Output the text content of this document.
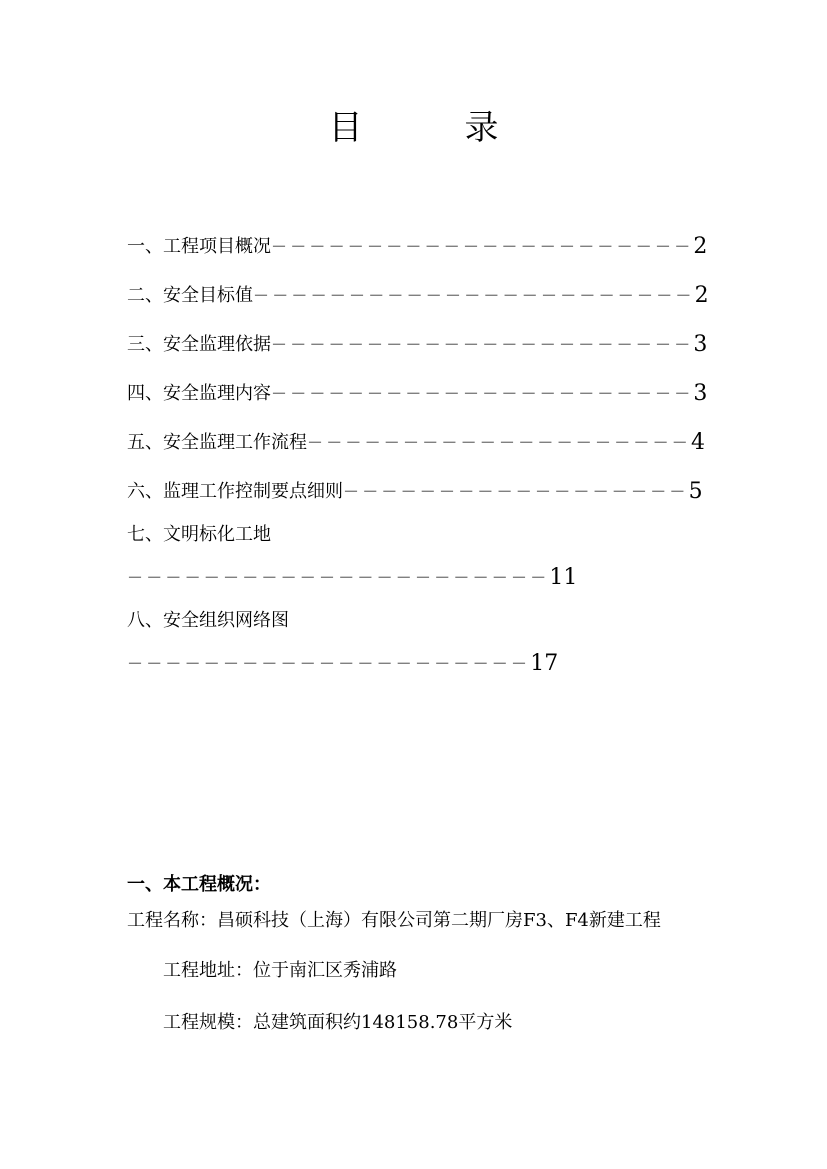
目　　　录
一、工程项目概况－－－－－－－－－－－－－－－－－－－－－－2
二、安全目标值－－－－－－－－－－－－－－－－－－－－－－－2
三、安全监理依据－－－－－－－－－－－－－－－－－－－－－－3
四、安全监理内容－－－－－－－－－－－－－－－－－－－－－－3
五、安全监理工作流程－－－－－－－－－－－－－－－－－－－－4
六、监理工作控制要点细则－－－－－－－－－－－－－－－－－－5
七、文明标化工地
－－－－－－－－－－－－－－－－－－－－－－11
八、安全组织网络图
－－－－－－－－－－－－－－－－－－－－－17
一、本工程概况：
工程名称：昌硕科技（上海）有限公司第二期厂房F3、F4新建工程
工程地址：位于南汇区秀浦路
工程规模：总建筑面积约148158.78平方米
